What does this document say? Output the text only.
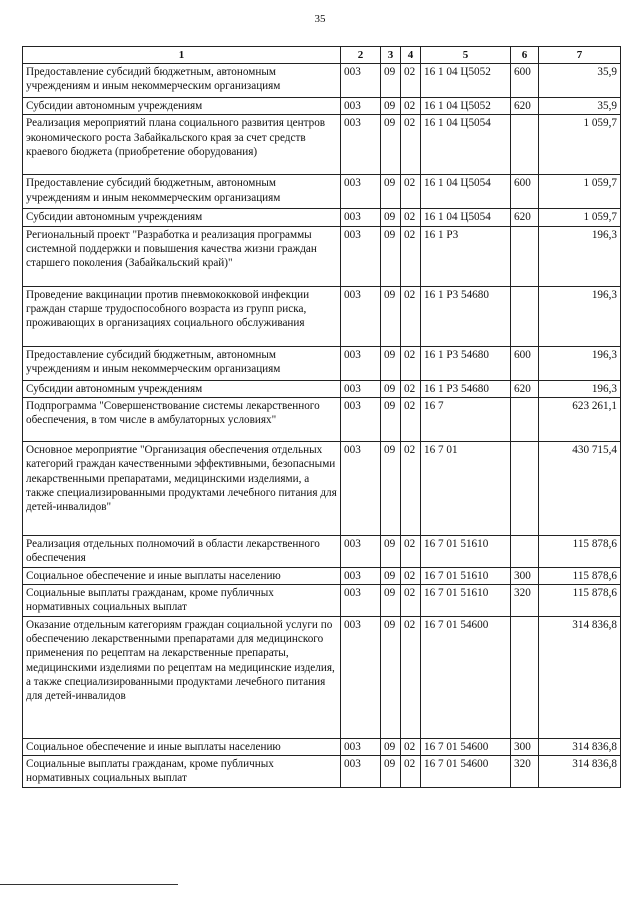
35
1	2	3	4	5	6	7
Предоставление субсидий бюджетным, автономным учреждениям и иным некоммерческим организациям	003	09	02	16 1 04 Ц5052	600	35,9
Субсидии автономным учреждениям	003	09	02	16 1 04 Ц5052	620	35,9
Реализация мероприятий плана социального развития центров экономического роста Забайкальского края за счет средств краевого бюджета (приобретение оборудования)	003	09	02	16 1 04 Ц5054		1 059,7
Предоставление субсидий бюджетным, автономным учреждениям и иным некоммерческим организациям	003	09	02	16 1 04 Ц5054	600	1 059,7
Субсидии автономным учреждениям	003	09	02	16 1 04 Ц5054	620	1 059,7
Региональный проект "Разработка и реализация программы системной поддержки и повышения качества жизни граждан старшего поколения (Забайкальский край)"	003	09	02	16 1 Р3		196,3
Проведение вакцинации против пневмококковой инфекции граждан старше трудоспособного возраста из групп риска, проживающих в организациях социального обслуживания	003	09	02	16 1 Р3 54680		196,3
Предоставление субсидий бюджетным, автономным учреждениям и иным некоммерческим организациям	003	09	02	16 1 Р3 54680	600	196,3
Субсидии автономным учреждениям	003	09	02	16 1 Р3 54680	620	196,3
Подпрограмма "Совершенствование системы лекарственного обеспечения, в том числе в амбулаторных условиях"	003	09	02	16 7		623 261,1
Основное мероприятие "Организация обеспечения отдельных категорий граждан качественными эффективными, безопасными лекарственными препаратами, медицинскими изделиями, а также специализированными продуктами лечебного питания для детей-инвалидов"	003	09	02	16 7 01		430 715,4
Реализация отдельных полномочий в области лекарственного обеспечения	003	09	02	16 7 01 51610		115 878,6
Социальное обеспечение и иные выплаты населению	003	09	02	16 7 01 51610	300	115 878,6
Социальные выплаты гражданам, кроме публичных нормативных социальных выплат	003	09	02	16 7 01 51610	320	115 878,6
Оказание отдельным категориям граждан социальной услуги по обеспечению лекарственными препаратами для медицинского применения по рецептам на лекарственные препараты, медицинскими изделиями по рецептам на медицинские изделия, а также специализированными продуктами лечебного питания для детей-инвалидов	003	09	02	16 7 01 54600		314 836,8
Социальное обеспечение и иные выплаты населению	003	09	02	16 7 01 54600	300	314 836,8
Социальные выплаты гражданам, кроме публичных нормативных социальных выплат	003	09	02	16 7 01 54600	320	314 836,8
